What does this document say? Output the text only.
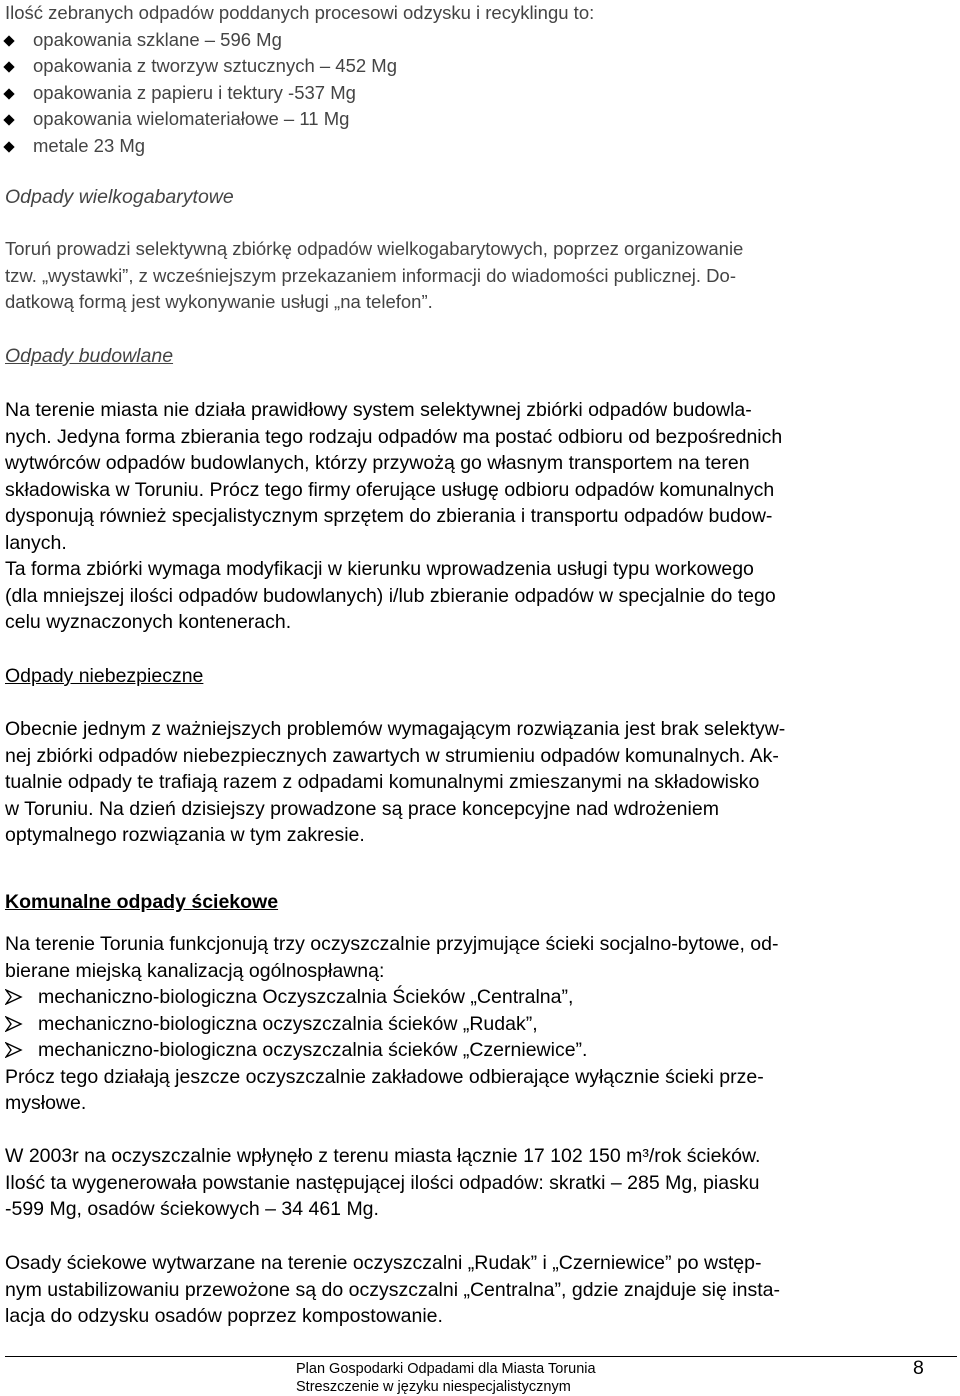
Ilość zebranych odpadów poddanych procesowi odzysku i recyklingu to:
opakowania szklane – 596 Mg
opakowania z tworzyw sztucznych – 452 Mg
opakowania z papieru i tektury -537 Mg
opakowania wielomateriałowe – 11 Mg
metale 23 Mg
Odpady wielkogabarytowe
Toruń prowadzi selektywną zbiórkę odpadów wielkogabarytowych, poprzez organizowanie
tzw. „wystawki”, z wcześniejszym przekazaniem informacji do wiadomości publicznej. Do-
datkową formą jest wykonywanie usługi „na telefon”.
Odpady budowlane
Na terenie miasta nie działa prawidłowy system selektywnej zbiórki odpadów budowla-
nych. Jedyna forma zbierania tego rodzaju odpadów ma postać odbioru od bezpośrednich
wytwórców odpadów budowlanych, którzy przywożą go własnym transportem na teren
składowiska w Toruniu. Prócz tego firmy oferujące usługę odbioru odpadów komunalnych
dysponują również specjalistycznym sprzętem do zbierania i transportu odpadów budow-
lanych.
Ta forma zbiórki wymaga modyfikacji w kierunku wprowadzenia usługi typu workowego
(dla mniejszej ilości odpadów budowlanych) i/lub zbieranie odpadów w specjalnie do tego
celu wyznaczonych kontenerach.
Odpady niebezpieczne
Obecnie jednym z ważniejszych problemów wymagającym rozwiązania jest brak selektyw-
nej zbiórki odpadów niebezpiecznych zawartych w strumieniu odpadów komunalnych. Ak-
tualnie odpady te trafiają razem z odpadami komunalnymi zmieszanymi na składowisko
w Toruniu. Na dzień dzisiejszy prowadzone są prace koncepcyjne nad wdrożeniem
optymalnego rozwiązania w tym zakresie.
Komunalne odpady ściekowe
Na terenie Torunia funkcjonują trzy oczyszczalnie przyjmujące ścieki socjalno-bytowe, od-
bierane miejską kanalizacją ogólnospławną:
mechaniczno-biologiczna Oczyszczalnia Ścieków „Centralna”,
mechaniczno-biologiczna oczyszczalnia ścieków „Rudak”,
mechaniczno-biologiczna oczyszczalnia ścieków „Czerniewice”.
Prócz tego działają jeszcze oczyszczalnie zakładowe odbierające wyłącznie ścieki prze-
mysłowe.
W 2003r na oczyszczalnie wpłynęło z terenu miasta łącznie 17 102 150 m³/rok ścieków.
Ilość ta wygenerowała powstanie następującej ilości odpadów: skratki – 285 Mg, piasku
-599 Mg, osadów ściekowych – 34 461 Mg.
Osady ściekowe wytwarzane na terenie oczyszczalni „Rudak” i „Czerniewice” po wstęp-
nym ustabilizowaniu przewożone są do oczyszczalni „Centralna”, gdzie znajduje się insta-
lacja do odzysku osadów poprzez kompostowanie.
Plan Gospodarki Odpadami dla Miasta Torunia
Streszczenie w języku niespecjalistycznym
8
